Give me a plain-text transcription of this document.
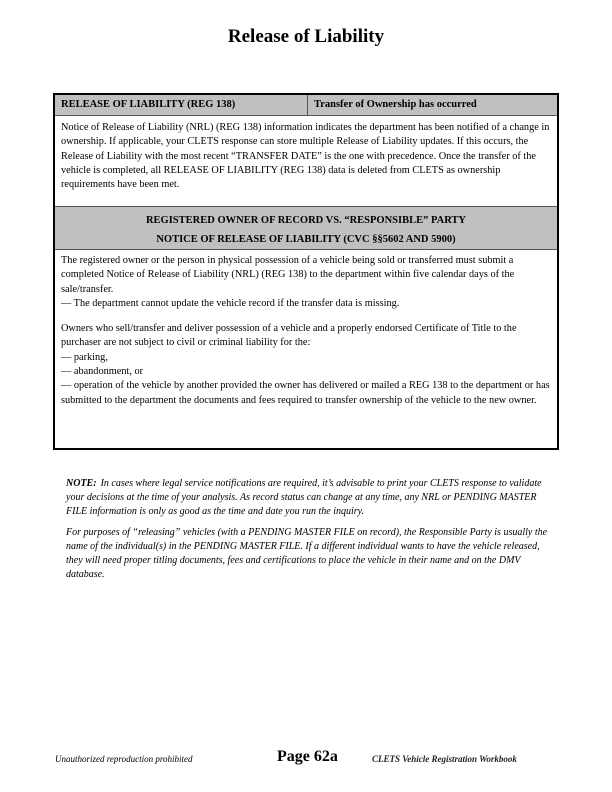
Release of Liability
RELEASE OF LIABILITY (REG 138)	Transfer of Ownership has occurred
Notice of Release of Liability (NRL) (REG 138) information indicates the department has been notified of a change in ownership. If applicable, your CLETS response can store multiple Release of Liability updates. If this occurs, the Release of Liability with the most recent “TRANSFER DATE” is the one with precedence. Once the transfer of the vehicle is completed, all RELEASE OF LIABILITY (REG 138) data is deleted from CLETS as ownership requirements have been met.
REGISTERED OWNER OF RECORD VS. “RESPONSIBLE” PARTY
NOTICE OF RELEASE OF LIABILITY (CVC §§5602 AND 5900)

The registered owner or the person in physical possession of a vehicle being sold or transferred must submit a completed Notice of Release of Liability (NRL) (REG 138) to the department within five calendar days of the sale/transfer.

— The department cannot update the vehicle record if the transfer data is missing.

Owners who sell/transfer and deliver possession of a vehicle and a properly endorsed Certificate of Title to the purchaser are not subject to civil or criminal liability for the:

— parking,

— abandonment, or

— operation of the vehicle by another provided the owner has delivered or mailed a REG 138 to the department or has submitted to the department the documents and fees required to transfer ownership of the vehicle to the new owner.

NOTE: In cases where legal service notifications are required, it’s advisable to print your CLETS response to validate your decisions at the time of your analysis. As record status can change at any time, any NRL or PENDING MASTER FILE information is only as good as the time and date you run the inquiry.

For purposes of “releasing” vehicles (with a PENDING MASTER FILE on record), the Responsible Party is usually the name of the individual(s) in the PENDING MASTER FILE. If a different individual wants to have the vehicle released, they will need proper titling documents, fees and certifications to place the vehicle in their name and on the DMV database.

Unauthorized reproduction prohibited	Page 62a	CLETS Vehicle Registration Workbook
